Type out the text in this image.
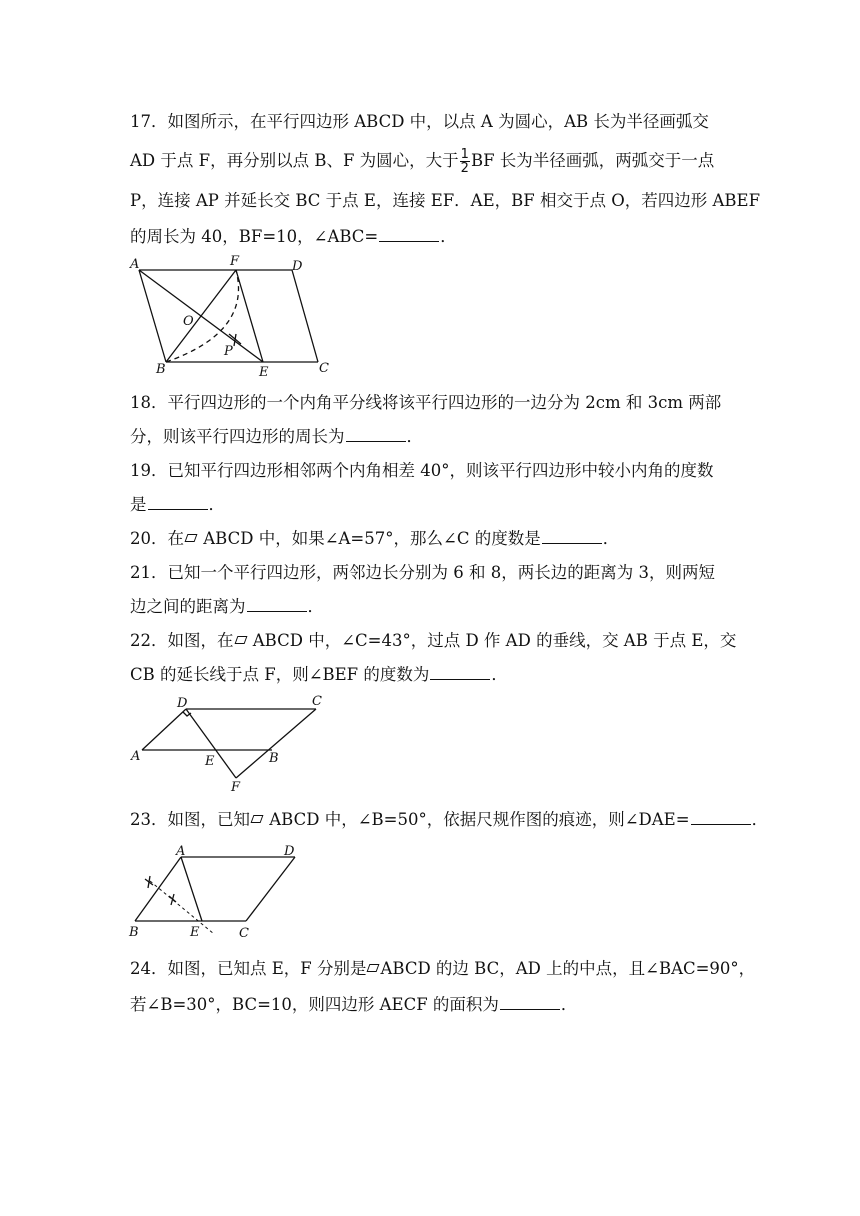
17．如图所示，在平行四边形 ABCD 中，以点 A 为圆心，AB 长为半径画弧交
AD 于点 F，再分别以点 B、F 为圆心，大于 $\frac{1}{2}$ BF 长为半径画弧，两弧交于一点
P，连接 AP 并延长交 BC 于点 E，连接 EF．AE，BF 相交于点 O，若四边形 ABEF
的周长为 40，BF=10，∠ABC=	．
A	F	D
O
P
B	E	C
18．平行四边形的一个内角平分线将该平行四边形的一边分为 2cm 和 3cm 两部
分，则该平行四边形的周长为	．
19．已知平行四边形相邻两个内角相差 40°，则该平行四边形中较小内角的度数
是	．
20．在 ABCD 中，如果∠A=57°，那么∠C 的度数是	．
21．已知一个平行四边形，两邻边长分别为 6 和 8，两长边的距离为 3，则两短
边之间的距离为	．
22．如图，在 ABCD 中，∠C=43°，过点 D 作 AD 的垂线，交 AB 于点 E，交
CB 的延长线于点 F，则∠BEF 的度数为	．
D	C
A	E	B
F
23．如图，已知 ABCD 中，∠B=50°，依据尺规作图的痕迹，则∠DAE=	．
A	D
B	E	C
24．如图，已知点 E，F 分别是 ABCD 的边 BC，AD 上的中点，且∠BAC=90°，
若∠B=30°，BC=10，则四边形 AECF 的面积为	．
